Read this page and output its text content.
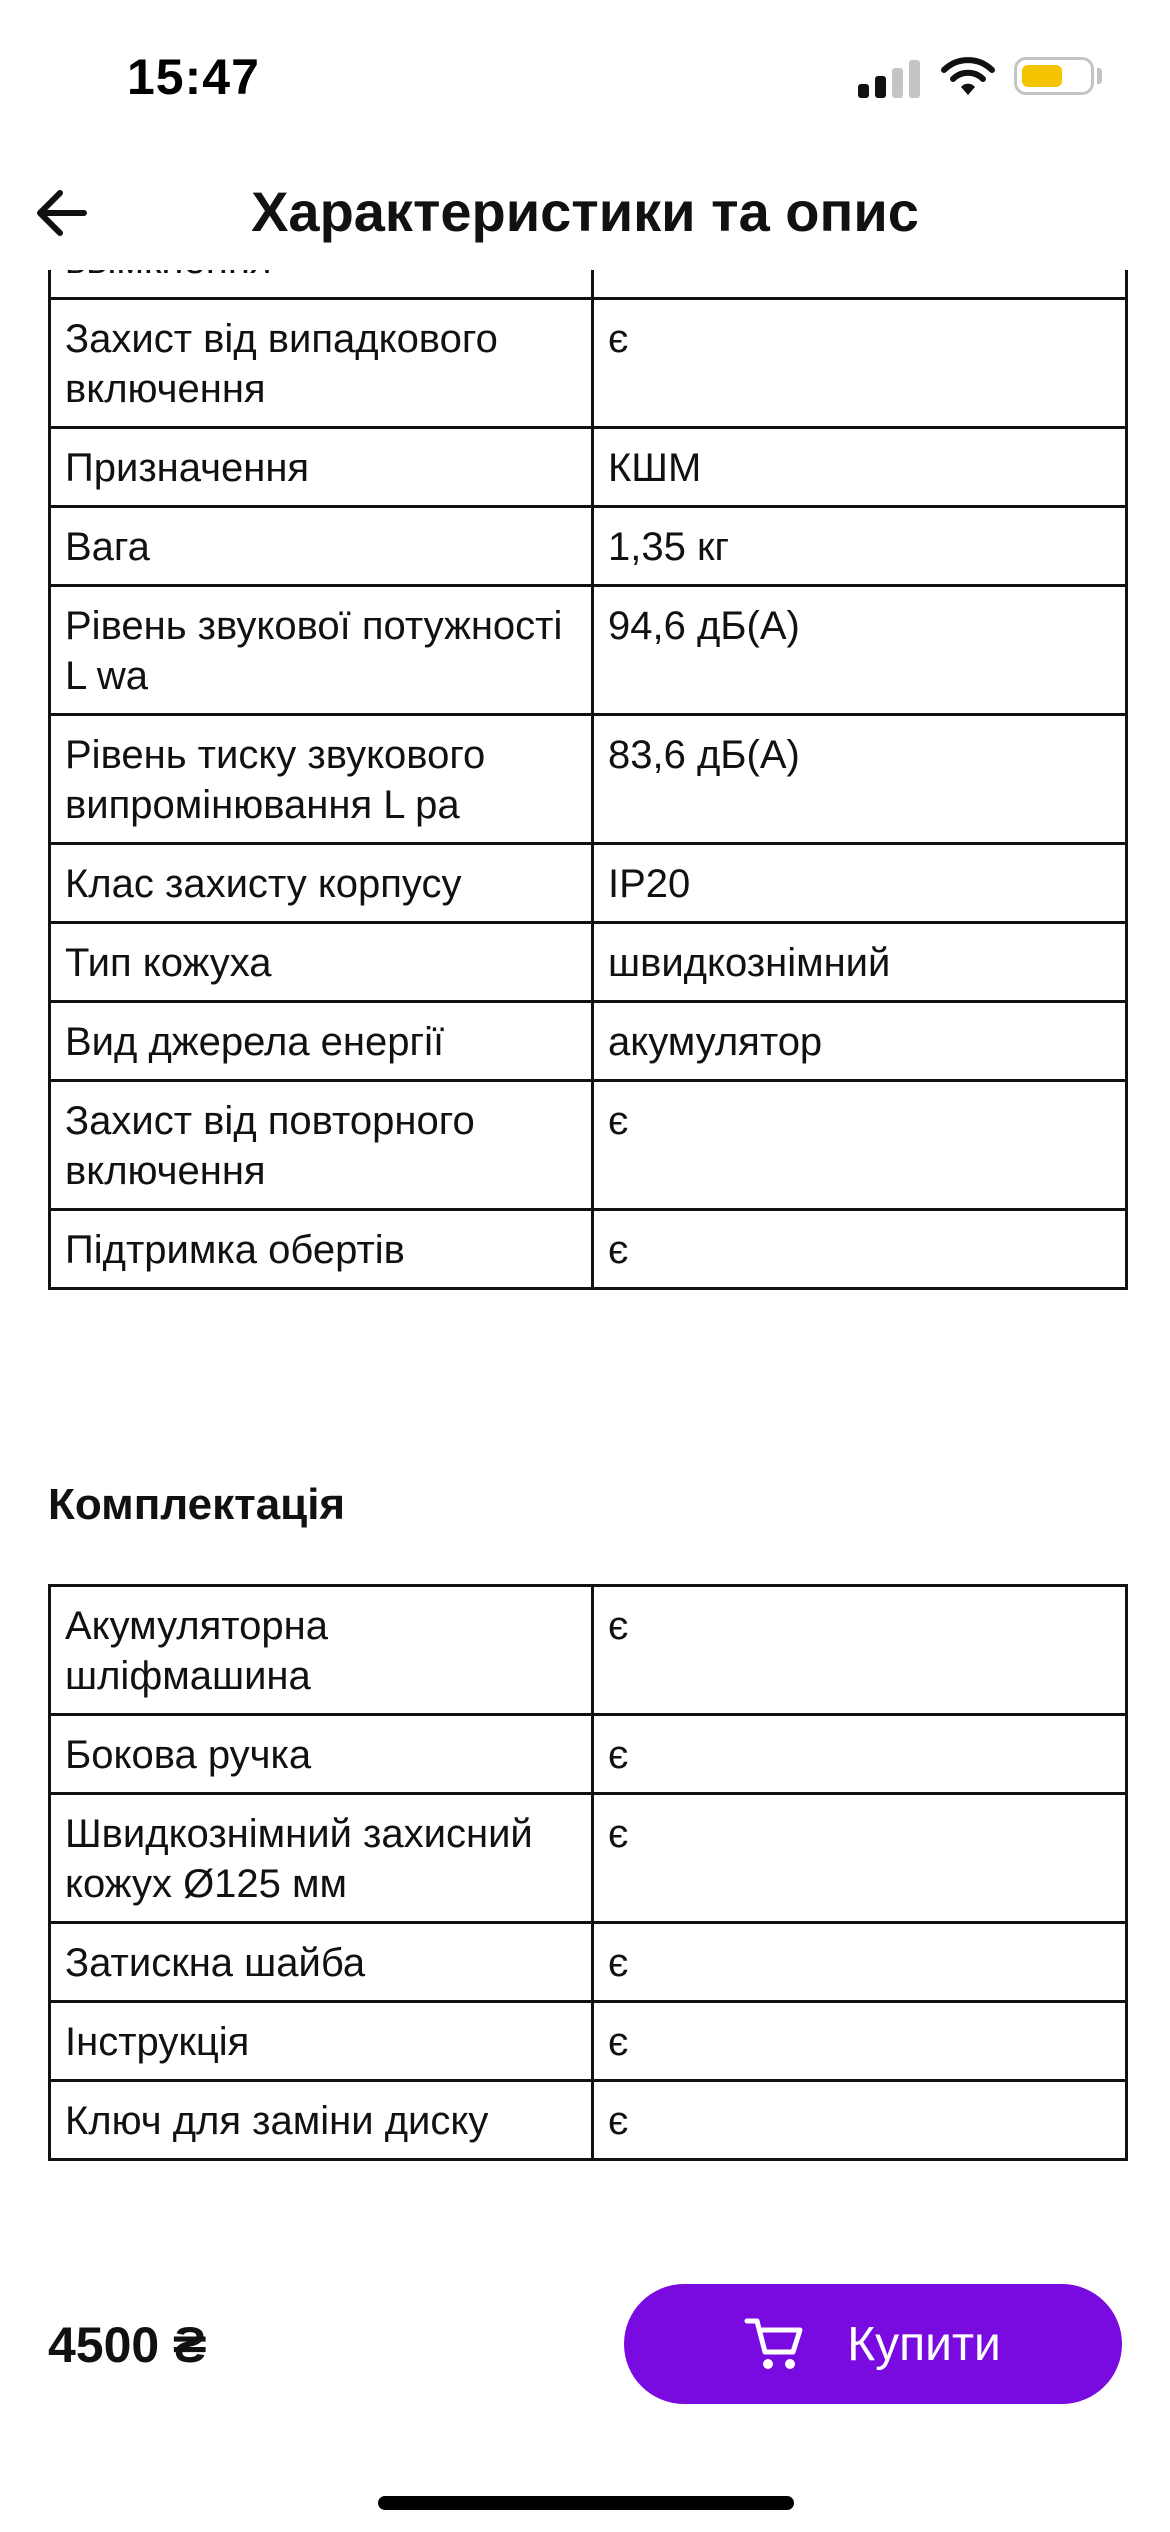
15:47
Характеристики та опис

Захист від випадкового включення	є
Призначення	КШМ
Вага	1,35 кг
Рівень звукової потужності L wa	94,6 дБ(А)
Рівень тиску звукового випромінювання L pa	83,6 дБ(А)
Клас захисту корпусу	IP20
Тип кожуха	швидкознімний
Вид джерела енергії	акумулятор
Захист від повторного включення	є
Підтримка обертів	є
Комплектація
Акумуляторна шліфмашина	є
Бокова ручка	є
Швидкознімний захисний кожух Ø125 мм	є
Затискна шайба	є
Інструкція	є
Ключ для заміни диску	є
4500 ₴	Купити
